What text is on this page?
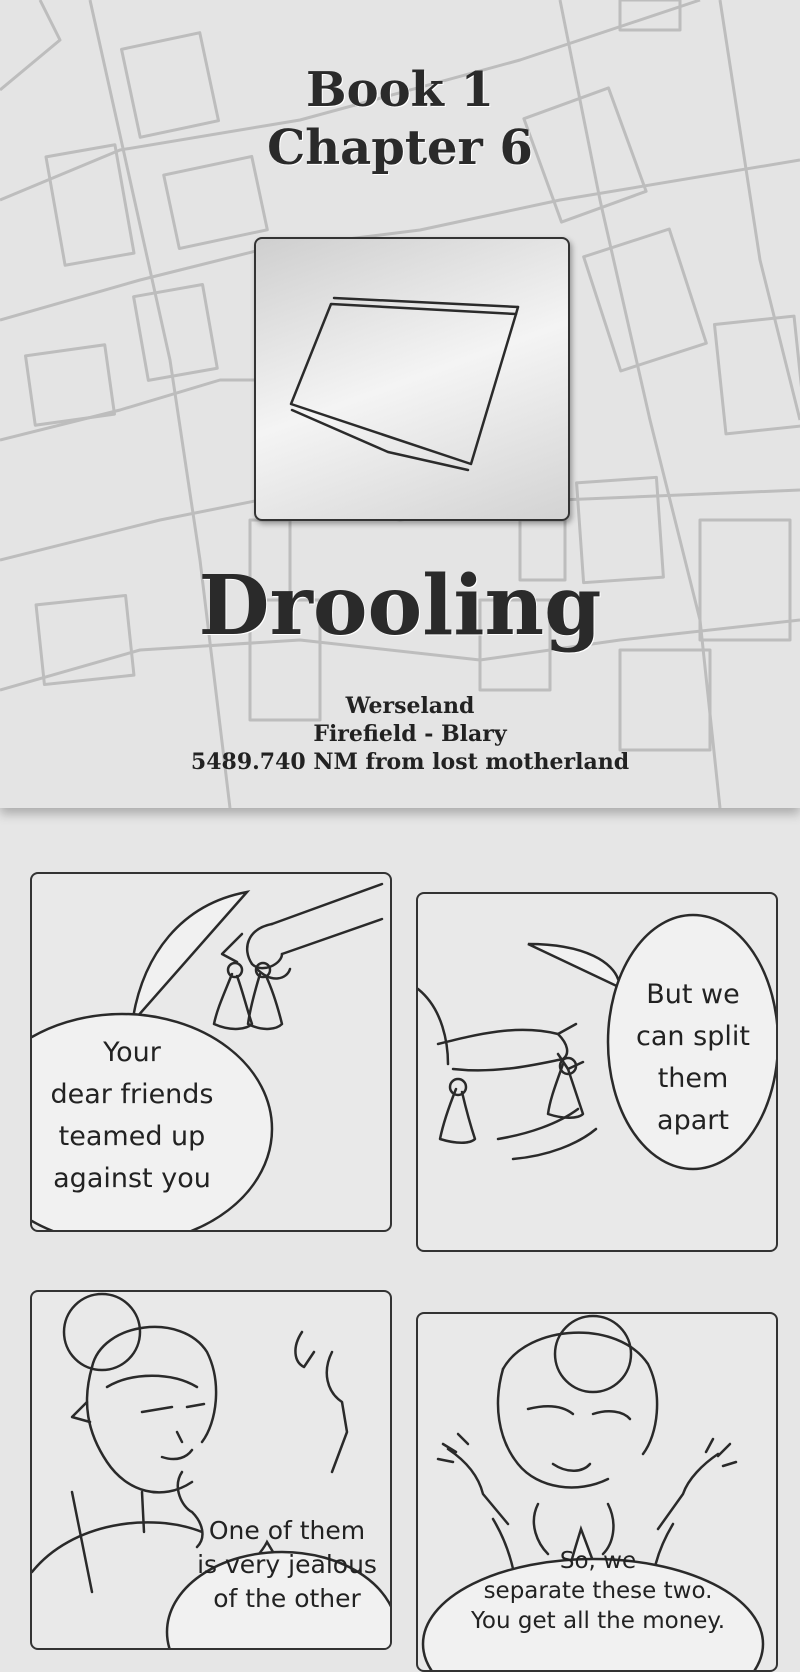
Book 1
Chapter 6
Drooling
Werseland
Firefield - Blary
5489.740 NM from lost motherland
Your
dear friends
teamed up
against you
But we
can split
them
apart
One of them
is very jealous
of the other
So, we
separate these two.
You get all the money.
